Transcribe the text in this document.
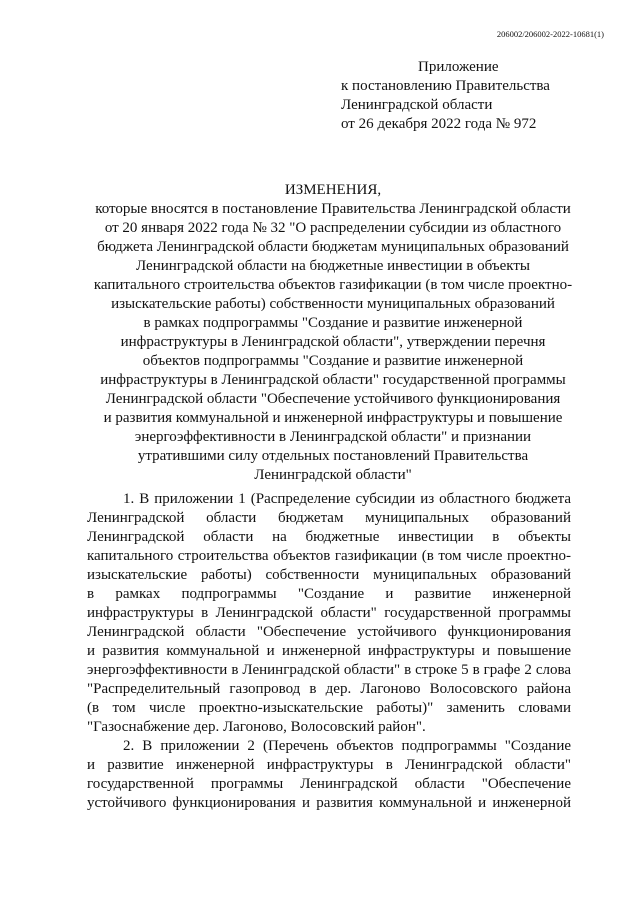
206002/206002-2022-10681(1)
Приложение
к постановлению Правительства
Ленинградской области
от 26 декабря 2022 года № 972
ИЗМЕНЕНИЯ,
которые вносятся в постановление Правительства Ленинградской области
от 20 января 2022 года № 32 "О распределении субсидии из областного
бюджета Ленинградской области бюджетам муниципальных образований
Ленинградской области на бюджетные инвестиции в объекты
капитального строительства объектов газификации (в том числе проектно-
изыскательские работы) собственности муниципальных образований
в рамках подпрограммы "Создание и развитие инженерной
инфраструктуры в Ленинградской области", утверждении перечня
объектов подпрограммы "Создание и развитие инженерной
инфраструктуры в Ленинградской области" государственной программы
Ленинградской области "Обеспечение устойчивого функционирования
и развития коммунальной и инженерной инфраструктуры и повышение
энергоэффективности в Ленинградской области" и признании
утратившими силу отдельных постановлений Правительства
Ленинградской области"
1. В приложении 1 (Распределение субсидии из областного бюджета
Ленинградской области бюджетам муниципальных образований
Ленинградской области на бюджетные инвестиции в объекты
капитального строительства объектов газификации (в том числе проектно-
изыскательские работы) собственности муниципальных образований
в рамках подпрограммы "Создание и развитие инженерной
инфраструктуры в Ленинградской области" государственной программы
Ленинградской области "Обеспечение устойчивого функционирования
и развития коммунальной и инженерной инфраструктуры и повышение
энергоэффективности в Ленинградской области" в строке 5 в графе 2 слова
"Распределительный газопровод в дер. Лагоново Волосовского района
(в том числе проектно-изыскательские работы)" заменить словами
"Газоснабжение дер. Лагоново, Волосовский район".
2. В приложении 2 (Перечень объектов подпрограммы "Создание
и развитие инженерной инфраструктуры в Ленинградской области"
государственной программы Ленинградской области "Обеспечение
устойчивого функционирования и развития коммунальной и инженерной
